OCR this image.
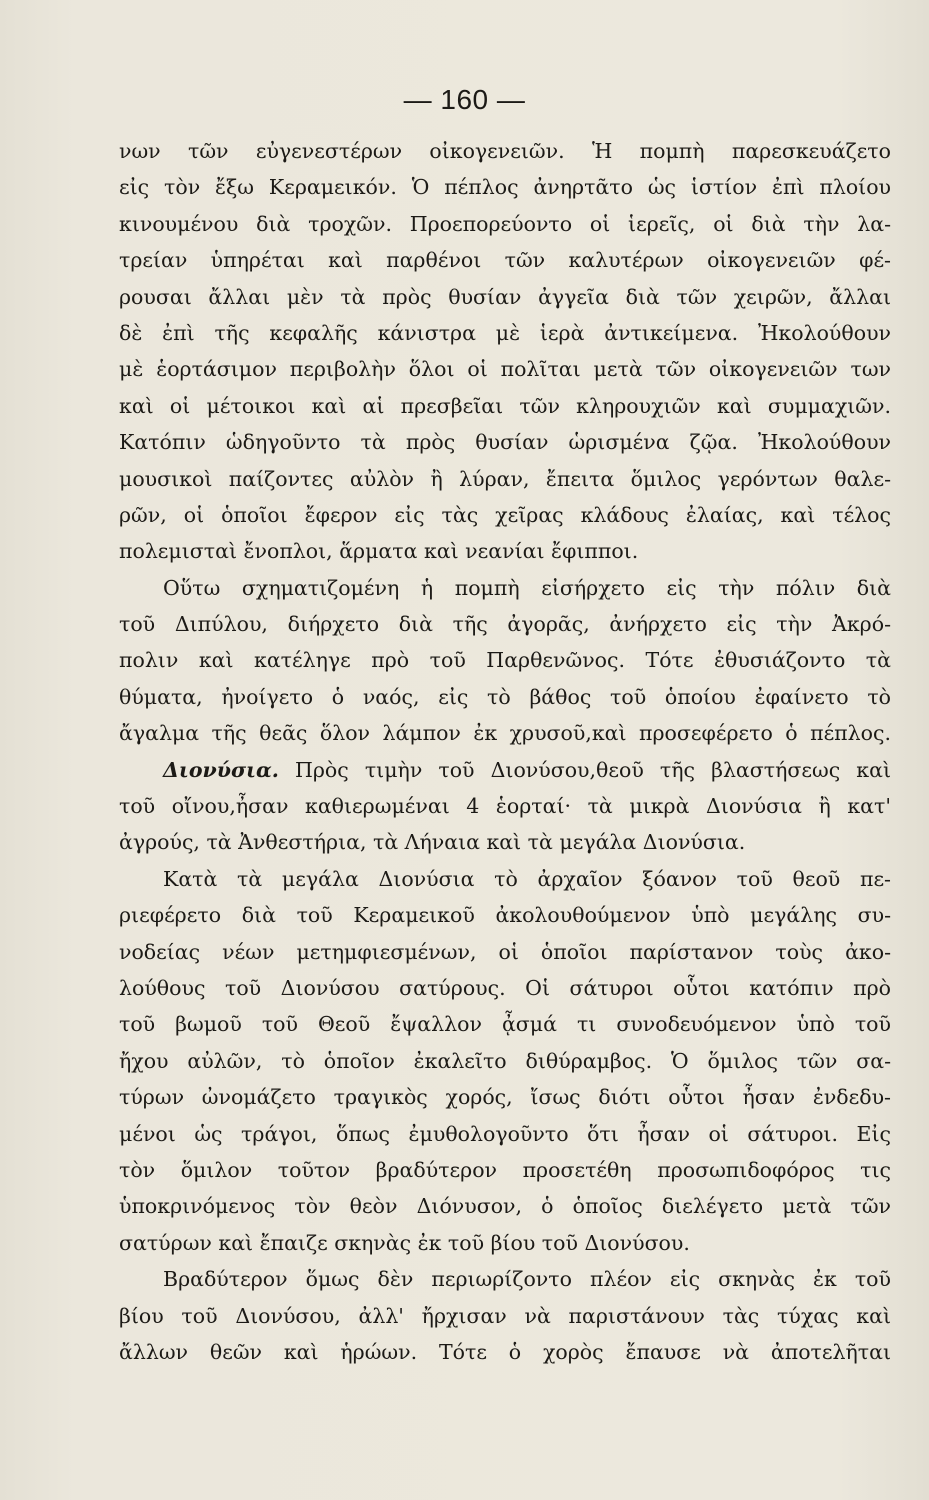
— 160 —
νων τῶν εὐγενεστέρων οἰκογενειῶν. Ἡ πομπὴ παρεσκευάζετο
εἰς τὸν ἔξω Κεραμεικόν. Ὁ πέπλος ἀνηρτᾶτο ὡς ἱστίον ἐπὶ πλοίου
κινουμένου διὰ τροχῶν. Προεπορεύοντο οἱ ἱερεῖς, οἱ διὰ τὴν λα-
τρείαν ὑπηρέται καὶ παρθένοι τῶν καλυτέρων οἰκογενειῶν φέ-
ρουσαι ἄλλαι μὲν τὰ πρὸς θυσίαν ἀγγεῖα διὰ τῶν χειρῶν, ἄλλαι
δὲ ἐπὶ τῆς κεφαλῆς κάνιστρα μὲ ἱερὰ ἀντικείμενα. Ἠκολούθουν
μὲ ἑορτάσιμον περιβολὴν ὅλοι οἱ πολῖται μετὰ τῶν οἰκογενειῶν των
καὶ οἱ μέτοικοι καὶ αἱ πρεσβεῖαι τῶν κληρουχιῶν καὶ συμμαχιῶν.
Κατόπιν ὡδηγοῦντο τὰ πρὸς θυσίαν ὡρισμένα ζῷα. Ἠκολούθουν
μουσικοὶ παίζοντες αὐλὸν ἢ λύραν, ἔπειτα ὅμιλος γερόντων θαλε-
ρῶν, οἱ ὁποῖοι ἔφερον εἰς τὰς χεῖρας κλάδους ἐλαίας, καὶ τέλος
πολεμισταὶ ἔνοπλοι, ἅρματα καὶ νεανίαι ἔφιπποι.
Οὕτω σχηματιζομένη ἡ πομπὴ εἰσήρχετο εἰς τὴν πόλιν διὰ
τοῦ Διπύλου, διήρχετο διὰ τῆς ἀγορᾶς, ἀνήρχετο εἰς τὴν Ἀκρό-
πολιν καὶ κατέληγε πρὸ τοῦ Παρθενῶνος. Τότε ἐθυσιάζοντο τὰ
θύματα, ἠνοίγετο ὁ ναός, εἰς τὸ βάθος τοῦ ὁποίου ἐφαίνετο τὸ
ἄγαλμα τῆς θεᾶς ὅλον λάμπον ἐκ χρυσοῦ,καὶ προσεφέρετο ὁ πέπλος.
Διονύσια. Πρὸς τιμὴν τοῦ Διονύσου,θεοῦ τῆς βλαστήσεως καὶ
τοῦ οἴνου,ἦσαν καθιερωμέναι 4 ἑορταί· τὰ μικρὰ Διονύσια ἢ κατ'
ἀγρούς, τὰ Ἀνθεστήρια, τὰ Λήναια καὶ τὰ μεγάλα Διονύσια.
Κατὰ τὰ μεγάλα Διονύσια τὸ ἀρχαῖον ξόανον τοῦ θεοῦ πε-
ριεφέρετο διὰ τοῦ Κεραμεικοῦ ἀκολουθούμενον ὑπὸ μεγάλης συ-
νοδείας νέων μετημφιεσμένων, οἱ ὁποῖοι παρίστανον τοὺς ἀκο-
λούθους τοῦ Διονύσου σατύρους. Οἱ σάτυροι οὗτοι κατόπιν πρὸ
τοῦ βωμοῦ τοῦ Θεοῦ ἔψαλλον ᾆσμά τι συνοδευόμενον ὑπὸ τοῦ
ἤχου αὐλῶν, τὸ ὁποῖον ἐκαλεῖτο διθύραμβος. Ὁ ὅμιλος τῶν σα-
τύρων ὠνομάζετο τραγικὸς χορός, ἴσως διότι οὗτοι ἦσαν ἐνδεδυ-
μένοι ὡς τράγοι, ὅπως ἐμυθολογοῦντο ὅτι ἦσαν οἱ σάτυροι. Εἰς
τὸν ὅμιλον τοῦτον βραδύτερον προσετέθη προσωπιδοφόρος τις
ὑποκρινόμενος τὸν θεὸν Διόνυσον, ὁ ὁποῖος διελέγετο μετὰ τῶν
σατύρων καὶ ἔπαιζε σκηνὰς ἐκ τοῦ βίου τοῦ Διονύσου.
Βραδύτερον ὅμως δὲν περιωρίζοντο πλέον εἰς σκηνὰς ἐκ τοῦ
βίου τοῦ Διονύσου, ἀλλ' ἤρχισαν νὰ παριστάνουν τὰς τύχας καὶ
ἄλλων θεῶν καὶ ἡρώων. Τότε ὁ χορὸς ἔπαυσε νὰ ἀποτελῆται
